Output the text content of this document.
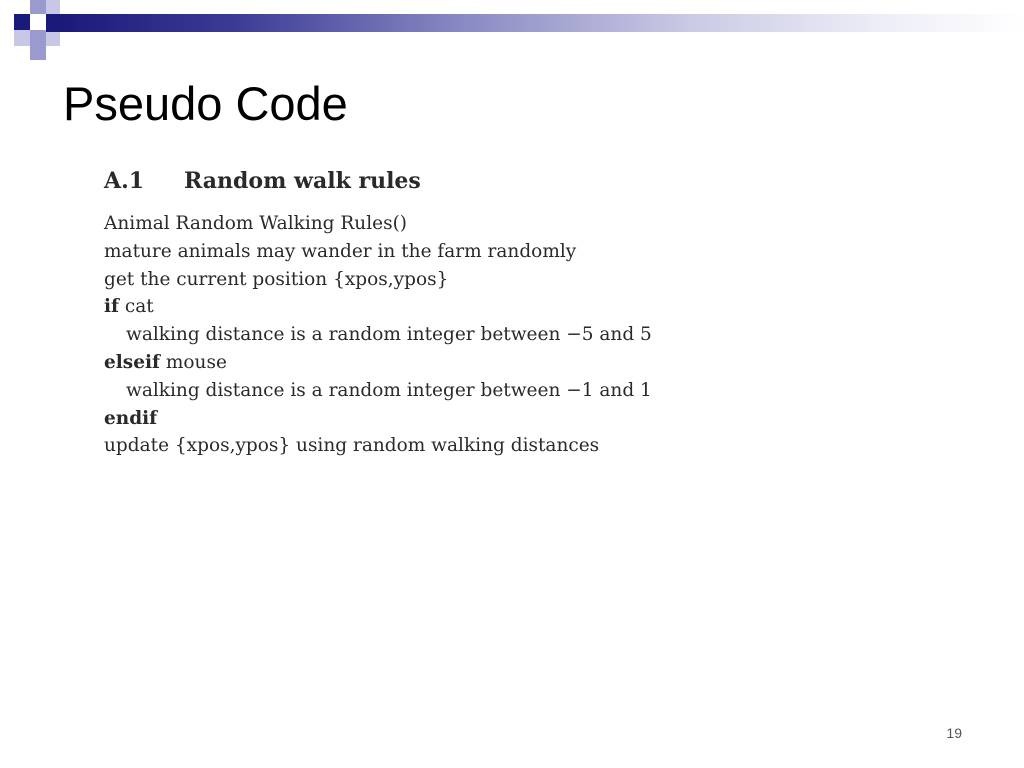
Pseudo Code
A.1 Random walk rules
Animal Random Walking Rules()
mature animals may wander in the farm randomly
get the current position {xpos,ypos}
if cat
walking distance is a random integer between −5 and 5
elseif mouse
walking distance is a random integer between −1 and 1
endif
update {xpos,ypos} using random walking distances
19
